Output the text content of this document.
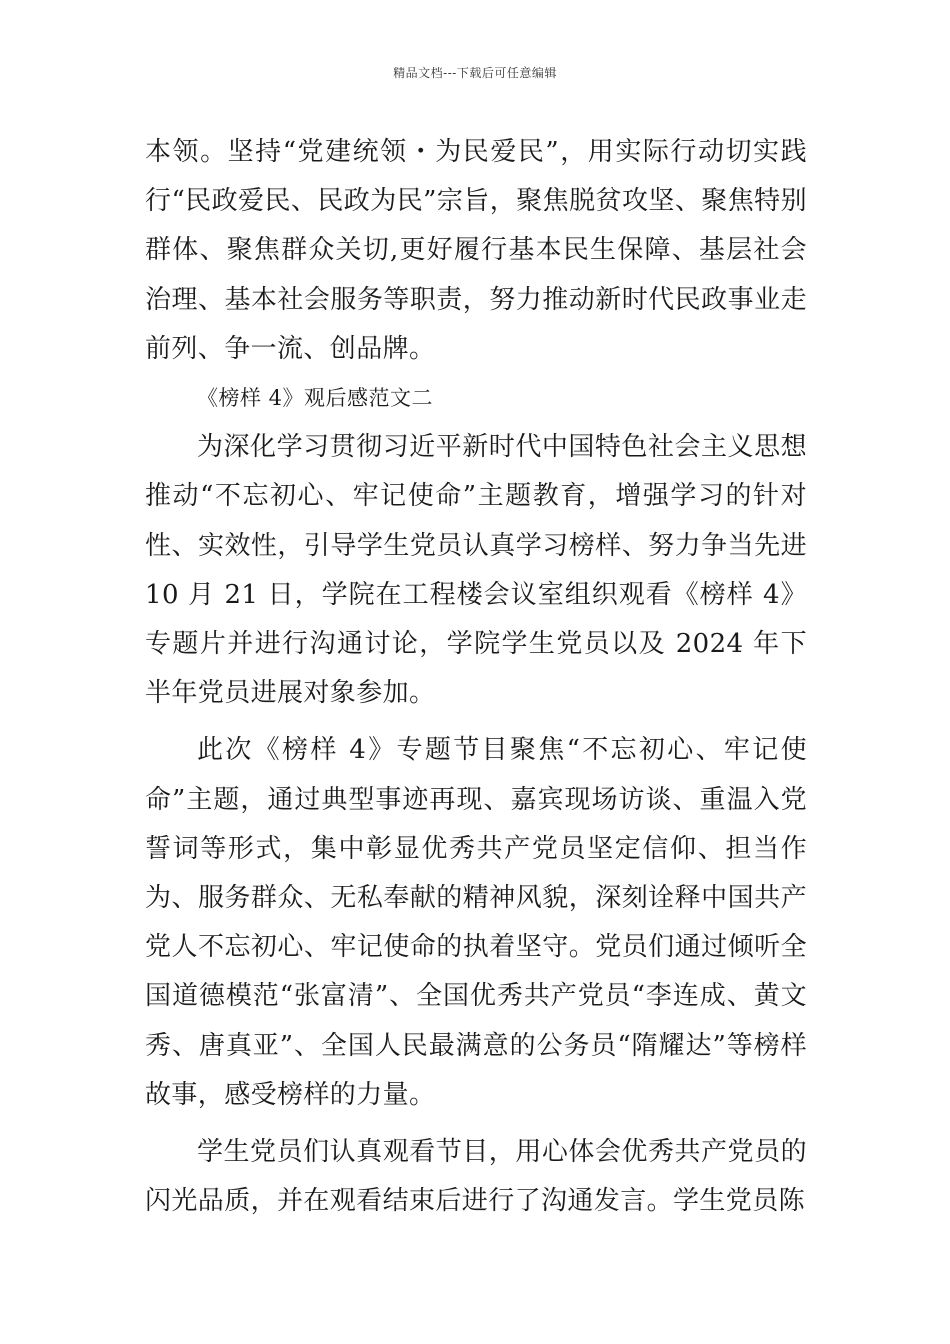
精品文档---下载后可任意编辑

本领。坚持“党建统领・为民爱民”，用实际行动切实践行“民政爱民、民政为民”宗旨，聚焦脱贫攻坚、聚焦特别群体、聚焦群众关切,更好履行基本民生保障、基层社会治理、基本社会服务等职责，努力推动新时代民政事业走前列、争一流、创品牌。

《榜样 4》观后感范文二

为深化学习贯彻习近平新时代中国特色社会主义思想推动“不忘初心、牢记使命”主题教育，增强学习的针对性、实效性，引导学生党员认真学习榜样、努力争当先进10 月 21 日，学院在工程楼会议室组织观看《榜样 4》专题片并进行沟通讨论，学院学生党员以及 2024 年下半年党员进展对象参加。

此次《榜样 4》专题节目聚焦“不忘初心、牢记使命”主题，通过典型事迹再现、嘉宾现场访谈、重温入党誓词等形式，集中彰显优秀共产党员坚定信仰、担当作为、服务群众、无私奉献的精神风貌，深刻诠释中国共产党人不忘初心、牢记使命的执着坚守。党员们通过倾听全国道德模范“张富清”、全国优秀共产党员“李连成、黄文秀、唐真亚”、全国人民最满意的公务员“隋耀达”等榜样故事，感受榜样的力量。

学生党员们认真观看节目，用心体会优秀共产党员的闪光品质，并在观看结束后进行了沟通发言。学生党员陈
